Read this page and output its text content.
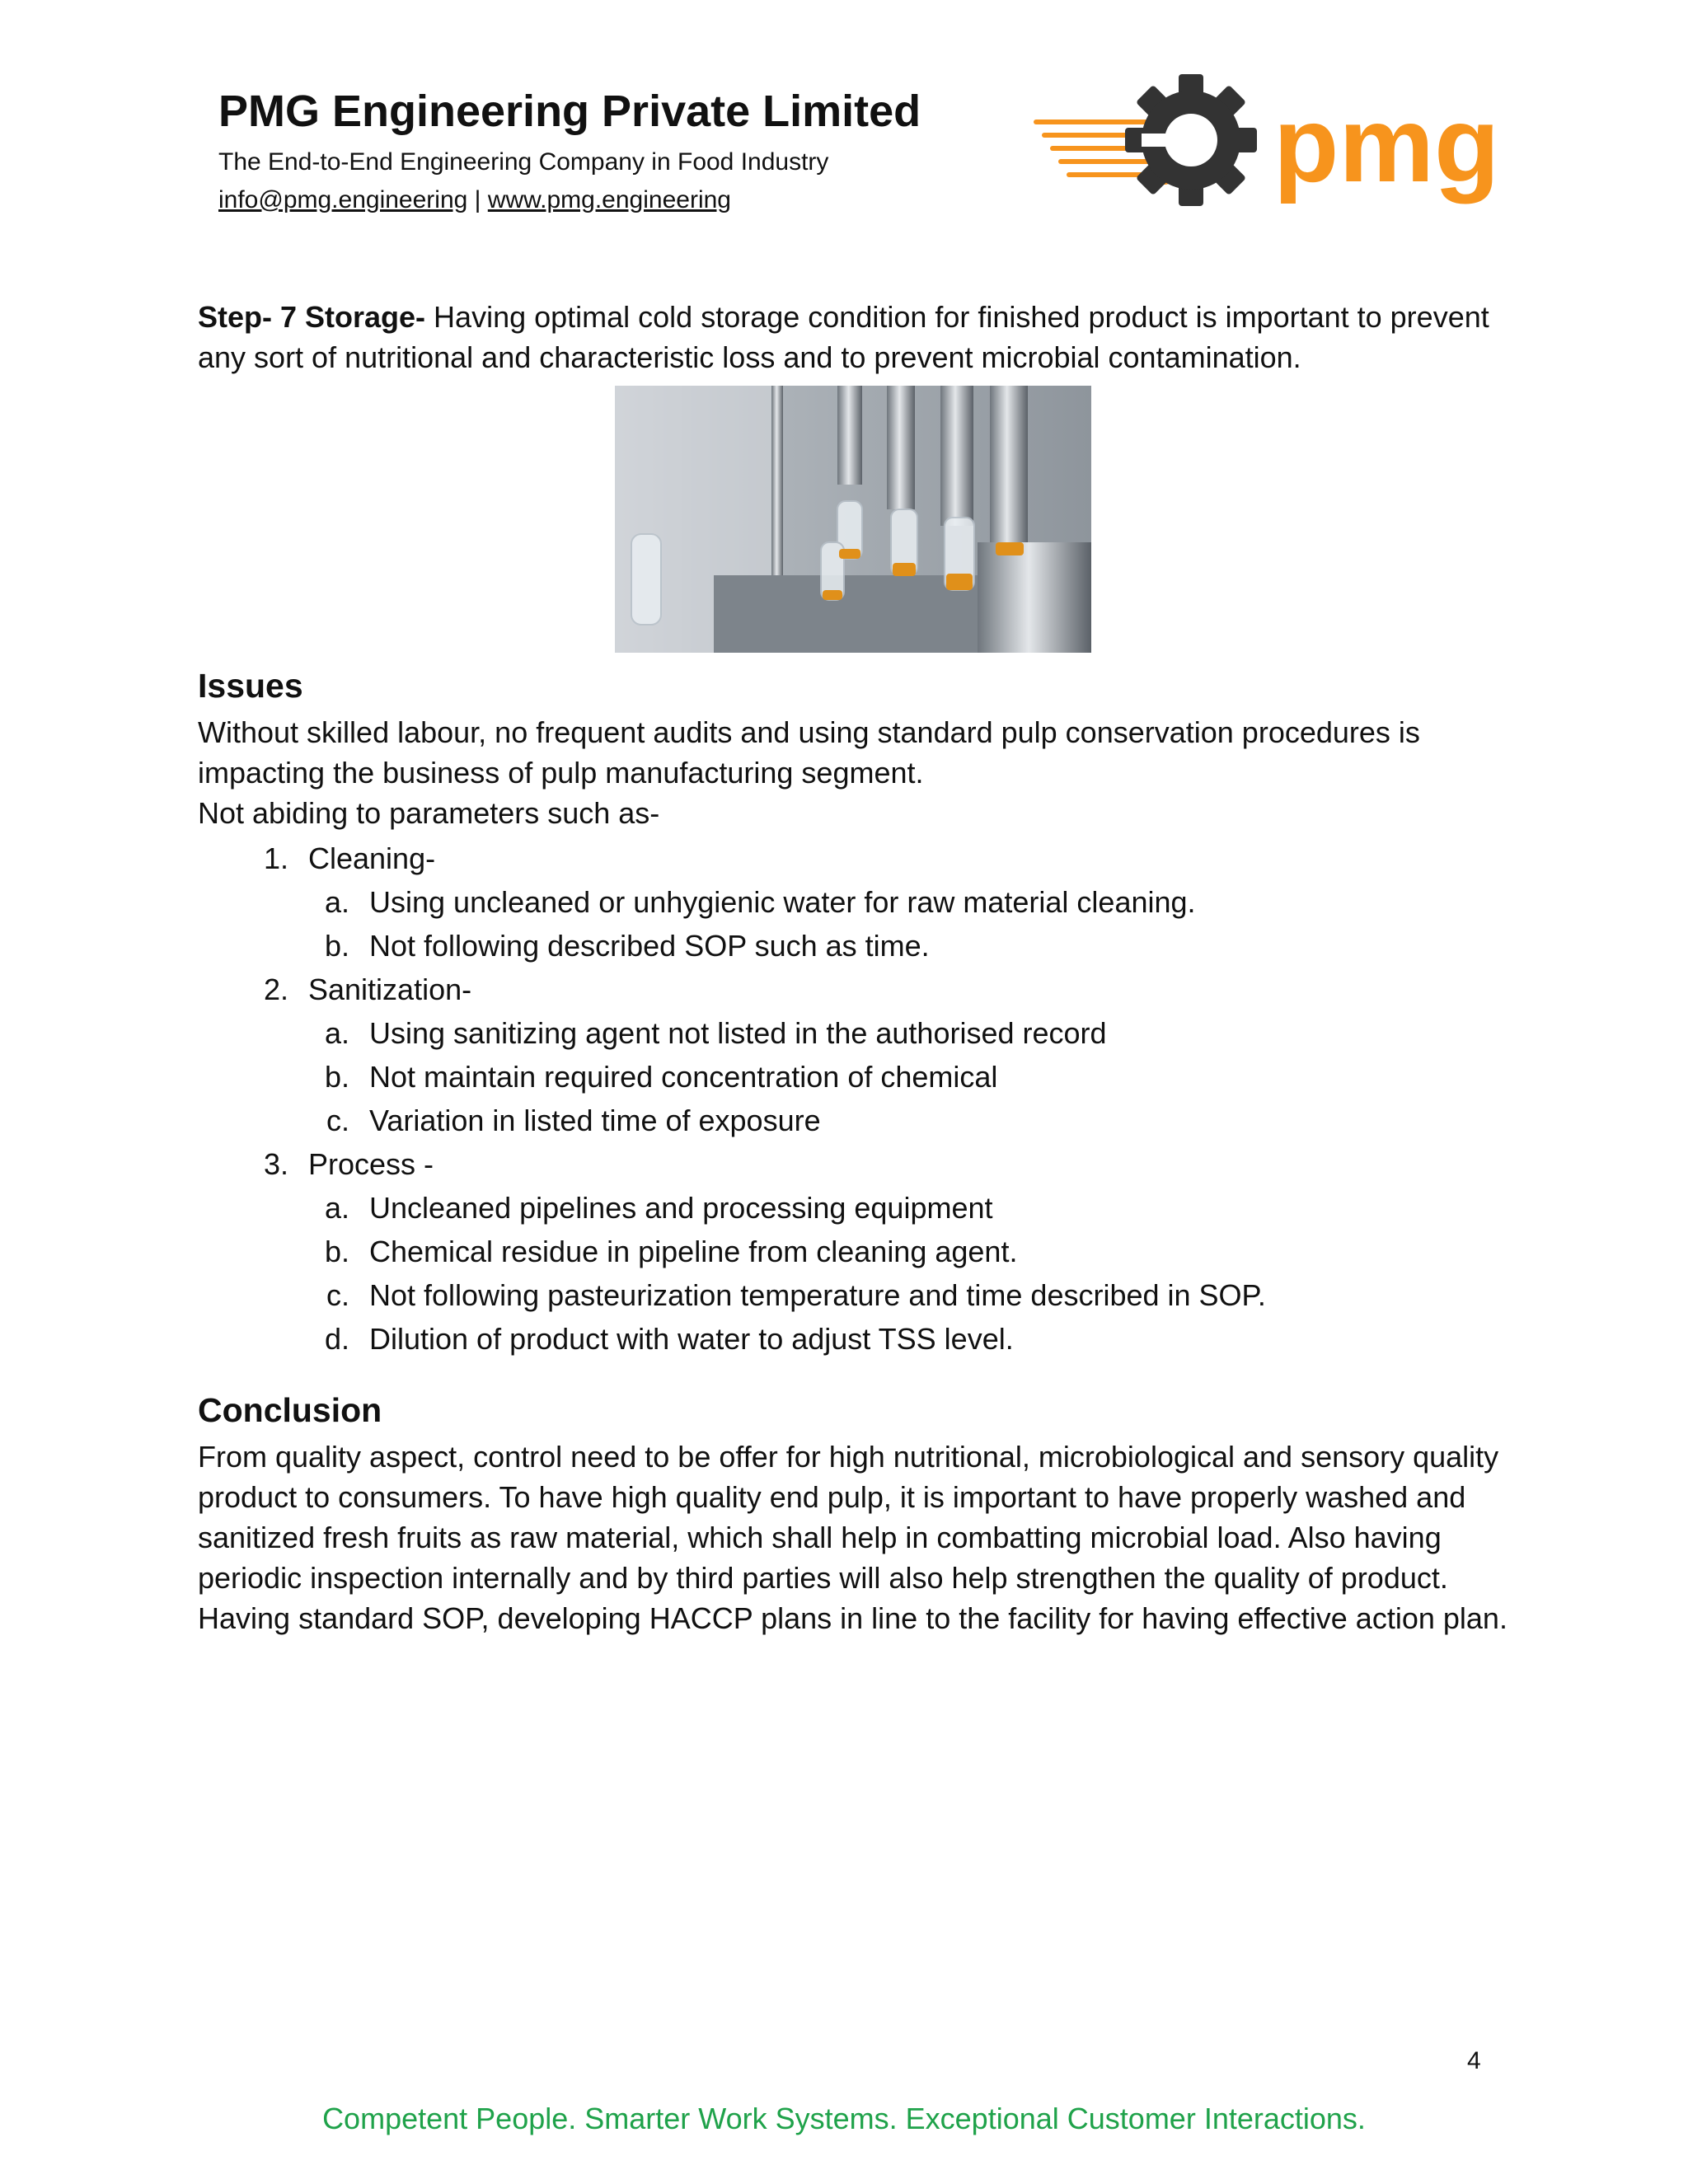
PMG Engineering Private Limited
The End-to-End Engineering Company in Food Industry
info@pmg.engineering | www.pmg.engineering	pmg

Step- 7 Storage- Having optimal cold storage condition for finished product is important to prevent any sort of nutritional and characteristic loss and to prevent microbial contamination.

Issues

Without skilled labour, no frequent audits and using standard pulp conservation procedures is impacting the business of pulp manufacturing segment.

Not abiding to parameters such as-

1. Cleaning-
a. Using uncleaned or unhygienic water for raw material cleaning.
b. Not following described SOP such as time.
2. Sanitization-
a. Using sanitizing agent not listed in the authorised record
b. Not maintain required concentration of chemical
c. Variation in listed time of exposure
3. Process -
a. Uncleaned pipelines and processing equipment
b. Chemical residue in pipeline from cleaning agent.
c. Not following pasteurization temperature and time described in SOP.
d. Dilution of product with water to adjust TSS level.
Conclusion

From quality aspect, control need to be offer for high nutritional, microbiological and sensory quality product to consumers. To have high quality end pulp, it is important to have properly washed and sanitized fresh fruits as raw material, which shall help in combatting microbial load. Also having periodic inspection internally and by third parties will also help strengthen the quality of product. Having standard SOP, developing HACCP plans in line to the facility for having effective action plan.

4
Competent People. Smarter Work Systems. Exceptional Customer Interactions.
